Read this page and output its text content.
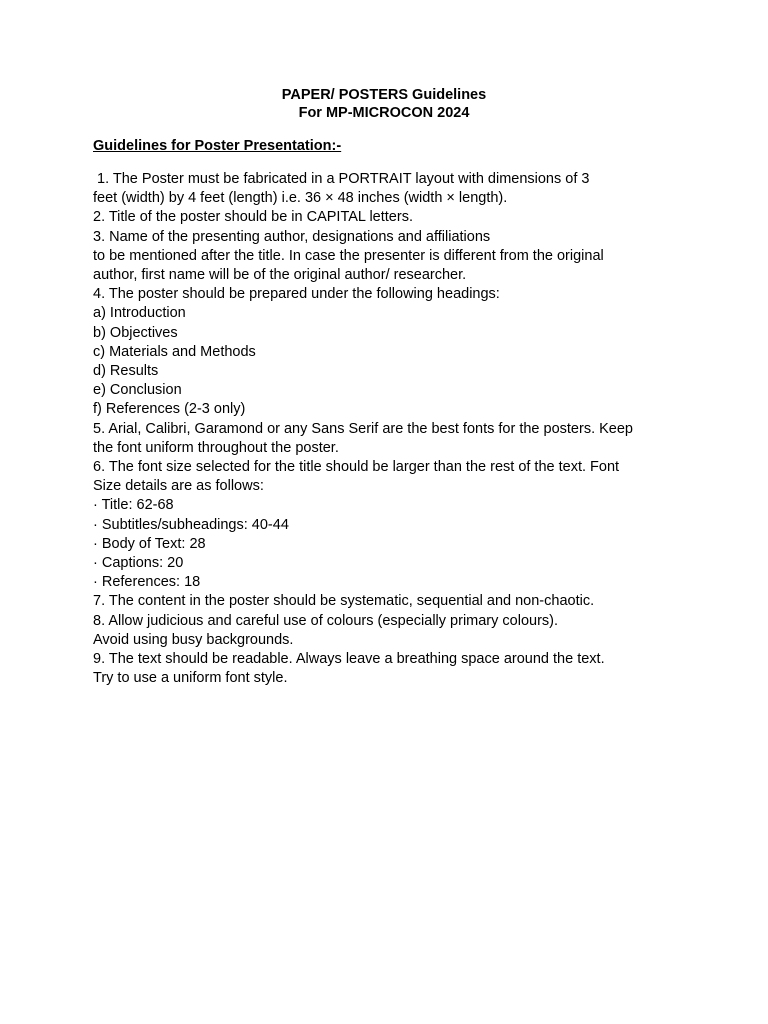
PAPER/ POSTERS Guidelines
For MP-MICROCON 2024
Guidelines for Poster Presentation:-
1. The Poster must be fabricated in a PORTRAIT layout with dimensions of 3
feet (width) by 4 feet (length) i.e. 36 × 48 inches (width × length).
2. Title of the poster should be in CAPITAL letters.
3. Name of the presenting author, designations and affiliations
to be mentioned after the title. In case the presenter is different from the original
author, first name will be of the original author/ researcher.
4. The poster should be prepared under the following headings:
a) Introduction
b) Objectives
c) Materials and Methods
d) Results
e) Conclusion
f) References (2-3 only)
5. Arial, Calibri, Garamond or any Sans Serif are the best fonts for the posters. Keep
the font uniform throughout the poster.
6. The font size selected for the title should be larger than the rest of the text. Font
Size details are as follows:
· Title: 62-68
· Subtitles/subheadings: 40-44
· Body of Text: 28
· Captions: 20
· References: 18
7. The content in the poster should be systematic, sequential and non-chaotic.
8. Allow judicious and careful use of colours (especially primary colours).
Avoid using busy backgrounds.
9. The text should be readable. Always leave a breathing space around the text.
Try to use a uniform font style.
